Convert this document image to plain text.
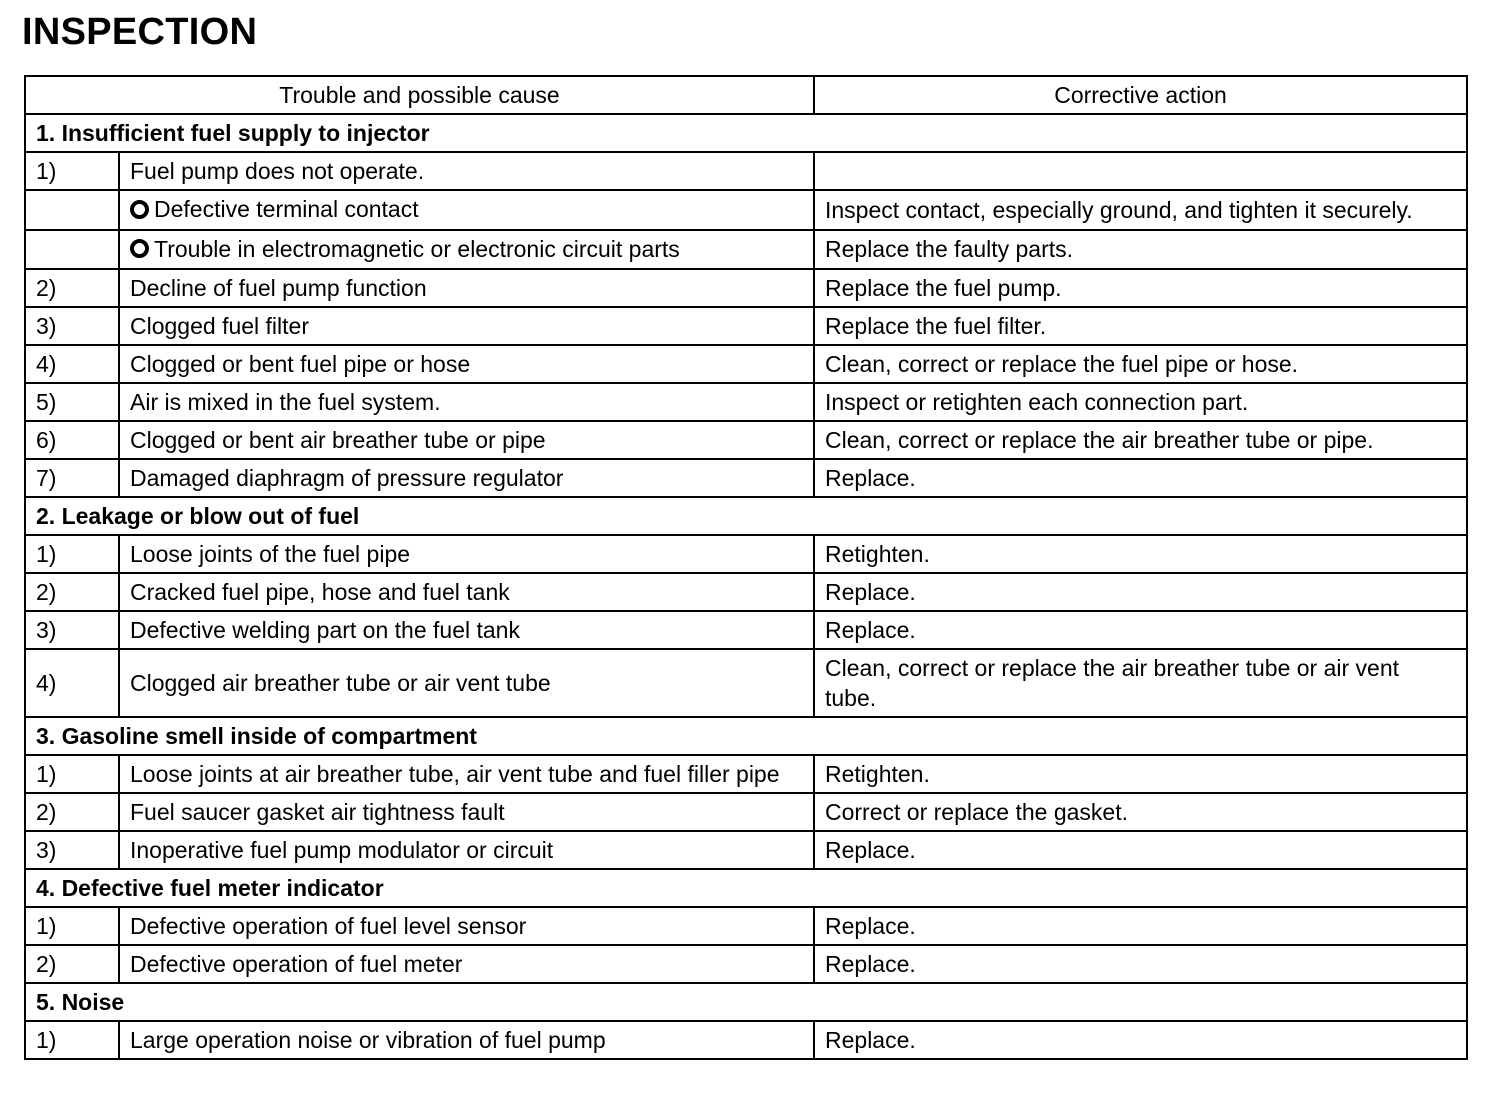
INSPECTION
Trouble and possible cause		Corrective action
1. Insufficient fuel supply to injector		
1)	Fuel pump does not operate.	

	Defective terminal contact	Inspect contact, especially ground, and tighten it securely.

	Trouble in electromagnetic or electronic circuit parts	Replace the faulty parts.
2)	Decline of fuel pump function	Replace the fuel pump.
3)	Clogged fuel filter	Replace the fuel filter.
4)	Clogged or bent fuel pipe or hose	Clean, correct or replace the fuel pipe or hose.
5)	Air is mixed in the fuel system.	Inspect or retighten each connection part.
6)	Clogged or bent air breather tube or pipe	Clean, correct or replace the air breather tube or pipe.
7)	Damaged diaphragm of pressure regulator	Replace.
2. Leakage or blow out of fuel		
1)	Loose joints of the fuel pipe	Retighten.
2)	Cracked fuel pipe, hose and fuel tank	Replace.
3)	Defective welding part on the fuel tank	Replace.
4)	Clogged air breather tube or air vent tube	Clean, correct or replace the air breather tube or air vent tube.
3. Gasoline smell inside of compartment		
1)	Loose joints at air breather tube, air vent tube and fuel filler pipe	Retighten.
2)	Fuel saucer gasket air tightness fault	Correct or replace the gasket.
3)	Inoperative fuel pump modulator or circuit	Replace.
4. Defective fuel meter indicator		
1)	Defective operation of fuel level sensor	Replace.
2)	Defective operation of fuel meter	Replace.
5. Noise		
1)	Large operation noise or vibration of fuel pump	Replace.
